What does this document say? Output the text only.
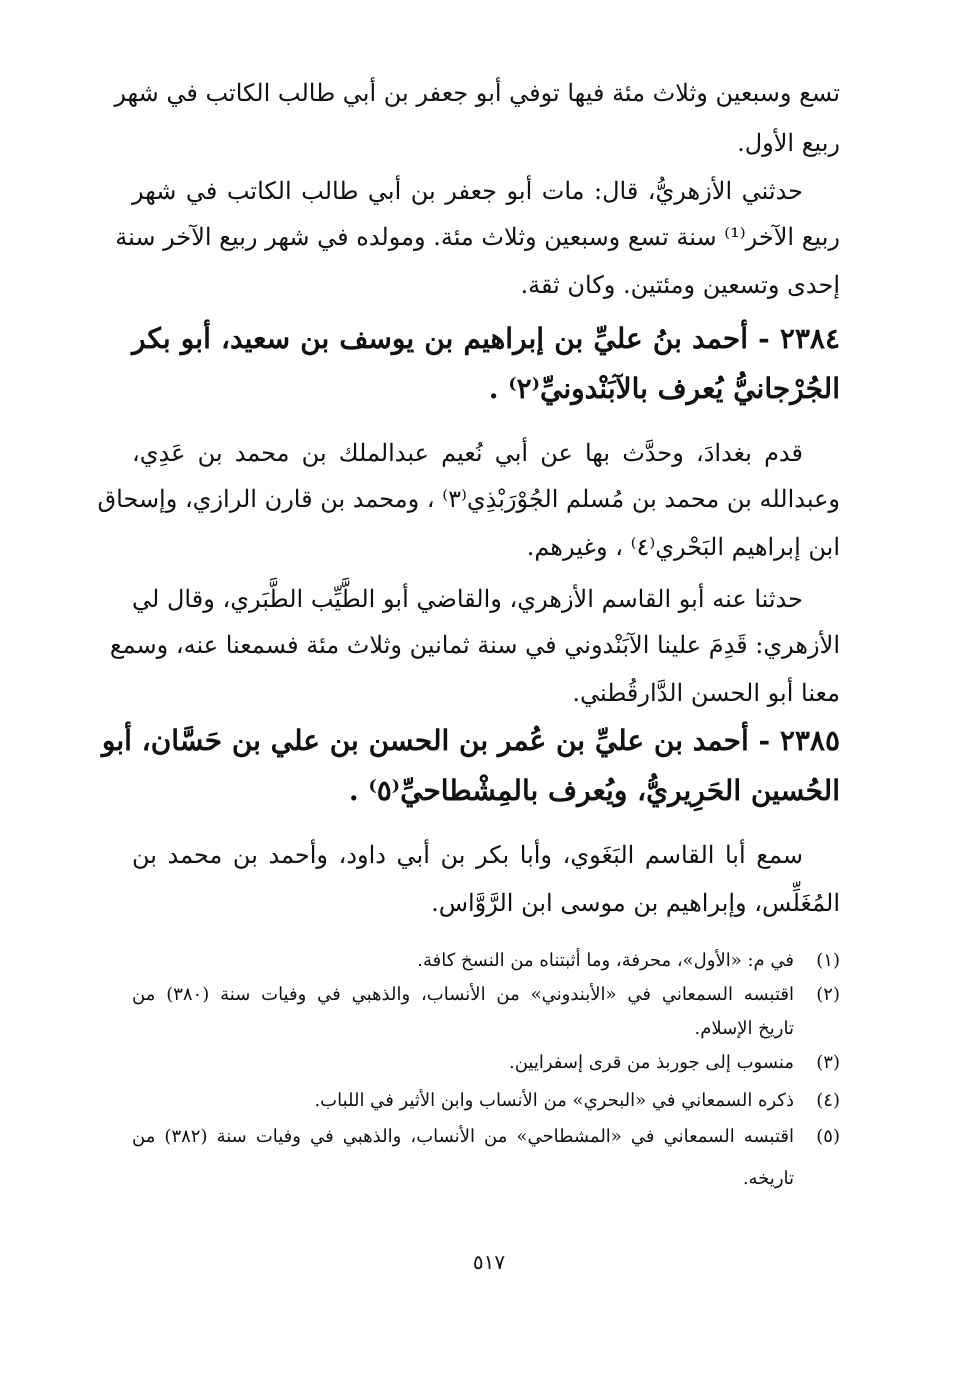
تسع وسبعين وثلاث مئة فيها توفي أبو جعفر بن أبي طالب الكاتب في شهر
ربيع الأول.
حدثني الأزهريُّ، قال: مات أبو جعفر بن أبي طالب الكاتب في شهر
ربيع الآخر⁽¹⁾ سنة تسع وسبعين وثلاث مئة. ومولده في شهر ربيع الآخر سنة
إحدى وتسعين ومئتين. وكان ثقة.
٢٣٨٤ - أحمد بنُ عليِّ بن إبراهيم بن يوسف بن سعيد، أبو بكر
الجُرْجانيُّ يُعرف بالآبَنْدونيِّ⁽٢⁾ .
قدم بغدادَ، وحدَّث بها عن أبي نُعيم عبدالملك بن محمد بن عَدِي،
وعبدالله بن محمد بن مُسلم الجُوْرَبْذِي⁽٣⁾ ، ومحمد بن قارن الرازي، وإسحاق
ابن إبراهيم البَحْري⁽٤⁾ ، وغيرهم.
حدثنا عنه أبو القاسم الأزهري، والقاضي أبو الطَّيِّب الطَّبَري، وقال لي
الأزهري: قَدِمَ علينا الآبَنْدوني في سنة ثمانين وثلاث مئة فسمعنا عنه، وسمع
معنا أبو الحسن الدَّارقُطني.
٢٣٨٥ - أحمد بن عليِّ بن عُمر بن الحسن بن علي بن حَسَّان، أبو
الحُسين الحَرِيريُّ، ويُعرف بالمِشْطاحيِّ⁽٥⁾ .
سمع أبا القاسم البَغَوي، وأبا بكر بن أبي داود، وأحمد بن محمد بن
المُغَلِّس، وإبراهيم بن موسى ابن الرَّوَّاس.
(١)في م: «الأول»، محرفة، وما أثبتناه من النسخ كافة.
(٢)اقتبسه السمعاني في «الأبندوني» من الأنساب، والذهبي في وفيات سنة (٣٨٠) من
تاريخ الإسلام.
(٣)منسوب إلى جوربذ من قرى إسفرايين.
(٤)ذكره السمعاني في «البحري» من الأنساب وابن الأثير في اللباب.
(٥)اقتبسه السمعاني في «المشطاحي» من الأنساب، والذهبي في وفيات سنة (٣٨٢) من
تاريخه.
٥١٧
